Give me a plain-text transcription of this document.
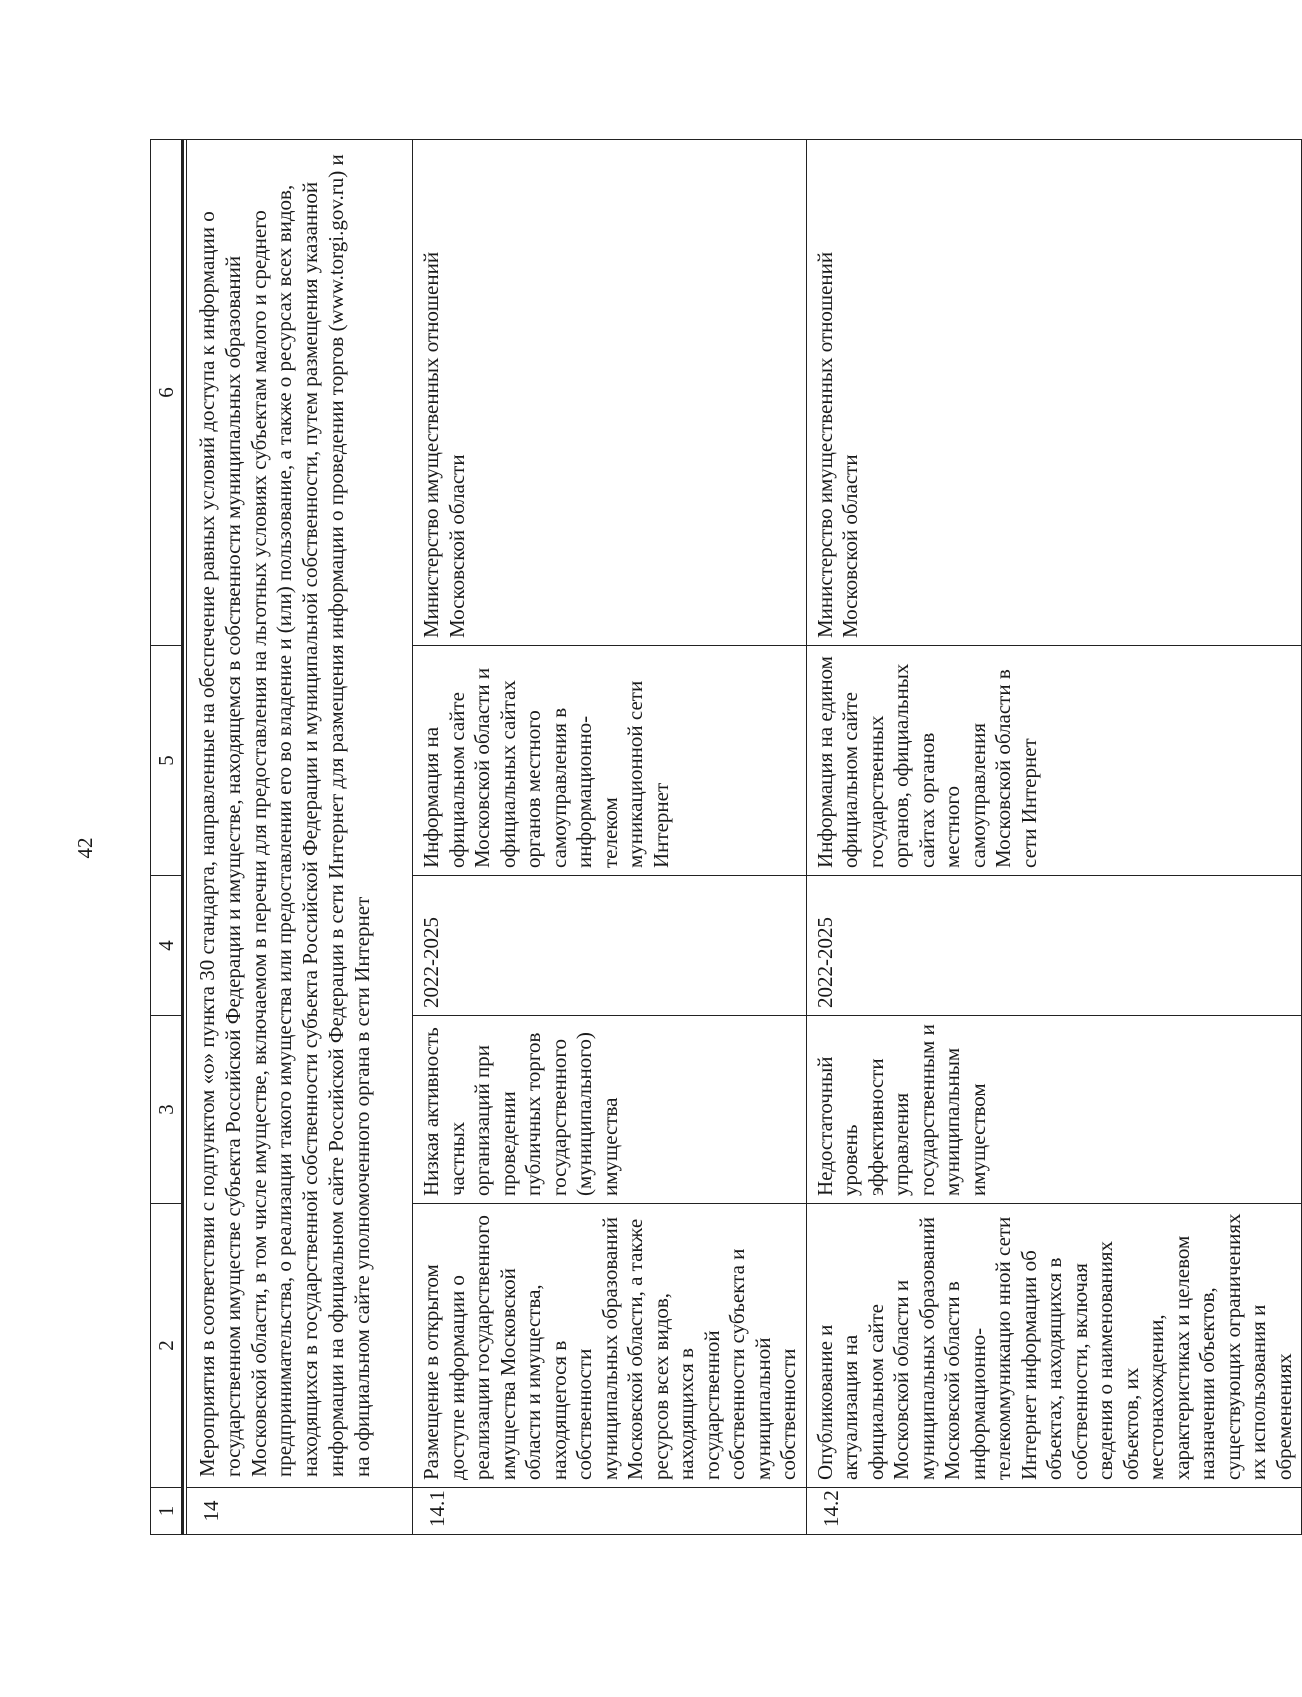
42
1	2	3	4	5	6

14	Мероприятия в соответствии с подпунктом «о» пункта 30 стандарта, направленные на обеспечение равных условий доступа к информации о государственном имуществе субъекта Российской Федерации и имуществе, находящемся в собственности муниципальных образований Московской области, в том числе имуществе, включаемом в перечни для предоставления на льготных условиях субъектам малого и среднего предпринимательства, о реализации такого имущества или предоставлении его во владение и (или) пользование, а также о ресурсах всех видов, находящихся в государственной собственности субъекта Российской Федерации и муниципальной собственности, путем размещения указанной информации на официальном сайте Российской Федерации в сети Интернет для размещения информации о проведении торгов (www.torgi.gov.ru) и на официальном сайте уполномоченного органа в сети Интернет				
14.1	Размещение в открытом доступе информации о реализации государственного имущества Московской области и имущества, находящегося в собственности муниципальных образований Московской области, а также ресурсов всех видов, находящихся в государственной собственности субъекта и муниципальной собственности	Низкая активность частных организаций при проведении публичных торгов государственного (муниципального) имущества	2022-2025	Информация на официальном сайте Московской области и официальных сайтах органов местного самоуправления в информационно-телеком муникационной сети Интернет	Министерство имущественных отношений Московской области
14.2	Опубликование и актуализация на официальном сайте Московской области и муниципальных образований Московской области в информационно-телекоммуникацио нной сети Интернет информации об объектах, находящихся в собственности, включая сведения о наименованиях объектов, их местонахождении, характеристиках и целевом назначении объектов, существующих ограничениях их использования и обременениях	Недостаточный уровень эффективности управления государственным и муниципальным имуществом	2022-2025	Информация на едином официальном сайте государственных органов, официальных сайтах органов местного самоуправления Московской области в сети Интернет	Министерство имущественных отношений Московской области
